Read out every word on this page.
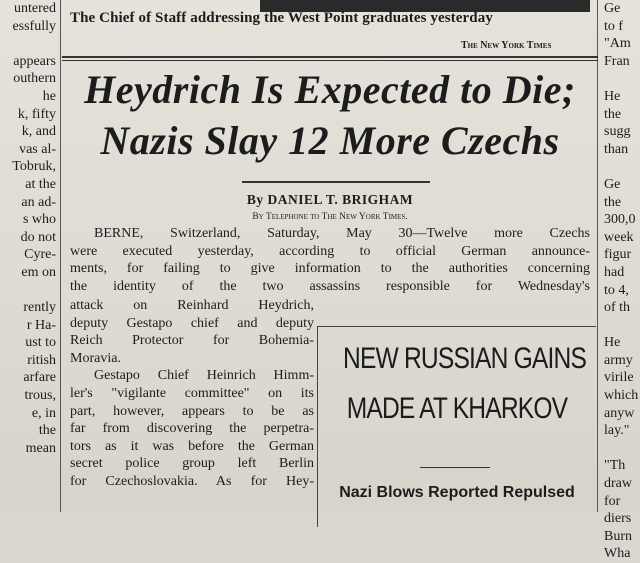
untered
essfully

appears
outhern
he
k, fifty
k, and
vas al-
Tobruk,
at the
an ad-
s who
do not
Cyre-
em on

rently
r Ha-
ust to
ritish
arfare
trous,
e, in
the
mean
Ge
to f
"Am
Fran

He
the
sugg
than

Ge
the
300,0
week
figur
had
to 4,
of th

He
army
virile
which
anyw
lay."

"Th
draw
for
diers
Burn
Wha
The Chief of Staff addressing the West Point graduates yesterday
The New York Times
Heydrich Is Expected to Die;
Nazis Slay 12 More Czechs
By DANIEL T. BRIGHAM
By Telephone to The New York Times.
BERNE, Switzerland, Saturday, May 30—Twelve more Czechs
were executed yesterday, according to official German announce-
ments, for failing to give information to the authorities concerning
the identity of the two assassins responsible for Wednesday's
attack on Reinhard Heydrich,
deputy Gestapo chief and deputy
Reich Protector for Bohemia-
Moravia.
Gestapo Chief Heinrich Himm-
ler's "vigilante committee" on its
part, however, appears to be as
far from discovering the perpetra-
tors as it was before the German
secret police group left Berlin
for Czechoslovakia. As for Hey-
NEW RUSSIAN GAINS
MADE AT KHARKOV
Nazi Blows Reported Repulsed
